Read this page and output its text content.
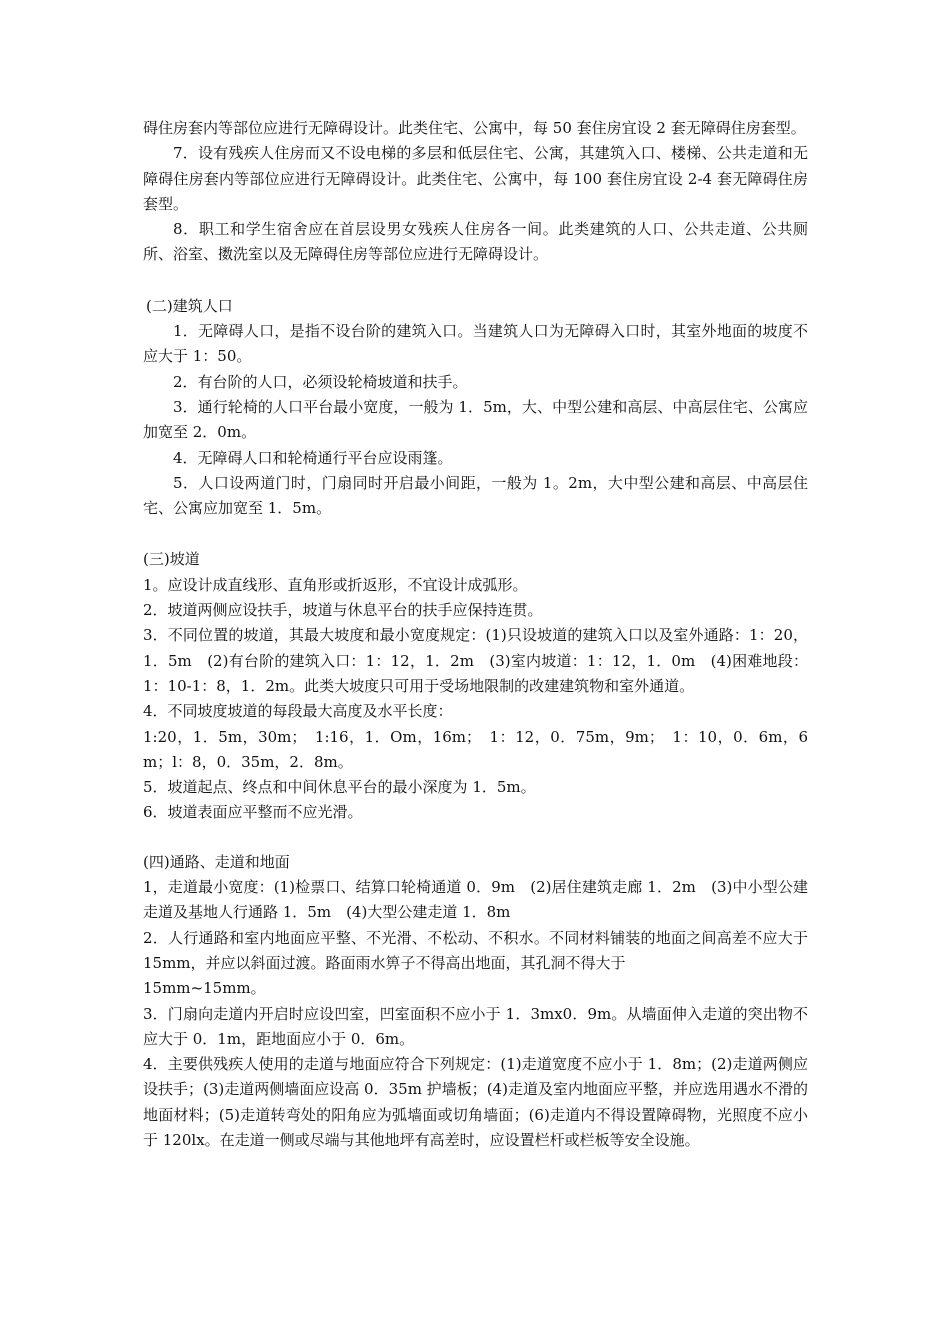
碍住房套内等部位应进行无障碍设计。此类住宅、公寓中，每 50 套住房宜设 2 套无障碍住房套型。

7．设有残疾人住房而又不设电梯的多层和低层住宅、公寓，其建筑入口、楼梯、公共走道和无障碍住房套内等部位应进行无障碍设计。此类住宅、公寓中，每 100 套住房宜设 2-4 套无障碍住房套型。

8．职工和学生宿舍应在首层设男女残疾人住房各一间。此类建筑的人口、公共走道、公共厕所、浴室、擞洗室以及无障碍住房等部位应进行无障碍设计。

(二)建筑人口

1．无障碍人口，是指不设台阶的建筑入口。当建筑人口为无障碍入口时，其室外地面的坡度不应大于 1：50。

2．有台阶的人口，必须设轮椅坡道和扶手。

3．通行轮椅的人口平台最小宽度，一般为 1．5m，大、中型公建和高层、中高层住宅、公寓应加宽至 2．0m。

4．无障碍人口和轮椅通行平台应设雨篷。

5．人口设两道门时，门扇同时开启最小间距，一般为 1。2m，大中型公建和高层、中高层住宅、公寓应加宽至 1．5m。

(三)坡道

1。应设计成直线形、直角形或折返形，不宜设计成弧形。

2．坡道两侧应设扶手，坡道与休息平台的扶手应保持连贯。

3．不同位置的坡道，其最大坡度和最小宽度规定：(1)只设坡道的建筑入口以及室外通路：1：20，1．5m　(2)有台阶的建筑入口：1：12，1．2m　(3)室内坡道：1：12，1．0m　(4)困难地段：1：10-1：8，1．2m。此类大坡度只可用于受场地限制的改建建筑物和室外通道。

4．不同坡度坡道的每段最大高度及水平长度：

1:20，1．5m，30m；　1:16，1．Om，16m；　1：12，0．75m，9m；　1：10，0．6m，6m；l：8，0．35m，2．8m。

5．坡道起点、终点和中间休息平台的最小深度为 1．5m。

6．坡道表面应平整而不应光滑。

(四)通路、走道和地面

1，走道最小宽度：(1)检票口、结算口轮椅通道 0．9m　(2)居住建筑走廊 1．2m　(3)中小型公建走道及基地人行通路 1．5m　(4)大型公建走道 1．8m

2．人行通路和室内地面应平整、不光滑、不松动、不积水。不同材料铺装的地面之间高差不应大于 15mm，并应以斜面过渡。路面雨水箅子不得高出地面，其孔洞不得大于

15mm~15mm。

3．门扇向走道内开启时应设凹室，凹室面积不应小于 1．3mx0．9m。从墙面伸入走道的突出物不应大于 0．1m，距地面应小于 0．6m。

4．主要供残疾人使用的走道与地面应符合下列规定：(1)走道宽度不应小于 1．8m；(2)走道两侧应设扶手；(3)走道两侧墙面应设高 0．35m 护墙板；(4)走道及室内地面应平整，并应选用遇水不滑的地面材料；(5)走道转弯处的阳角应为弧墙面或切角墙面；(6)走道内不得设置障碍物，光照度不应小于 120lx。在走道一侧或尽端与其他地坪有高差时，应设置栏杆或栏板等安全设施。
